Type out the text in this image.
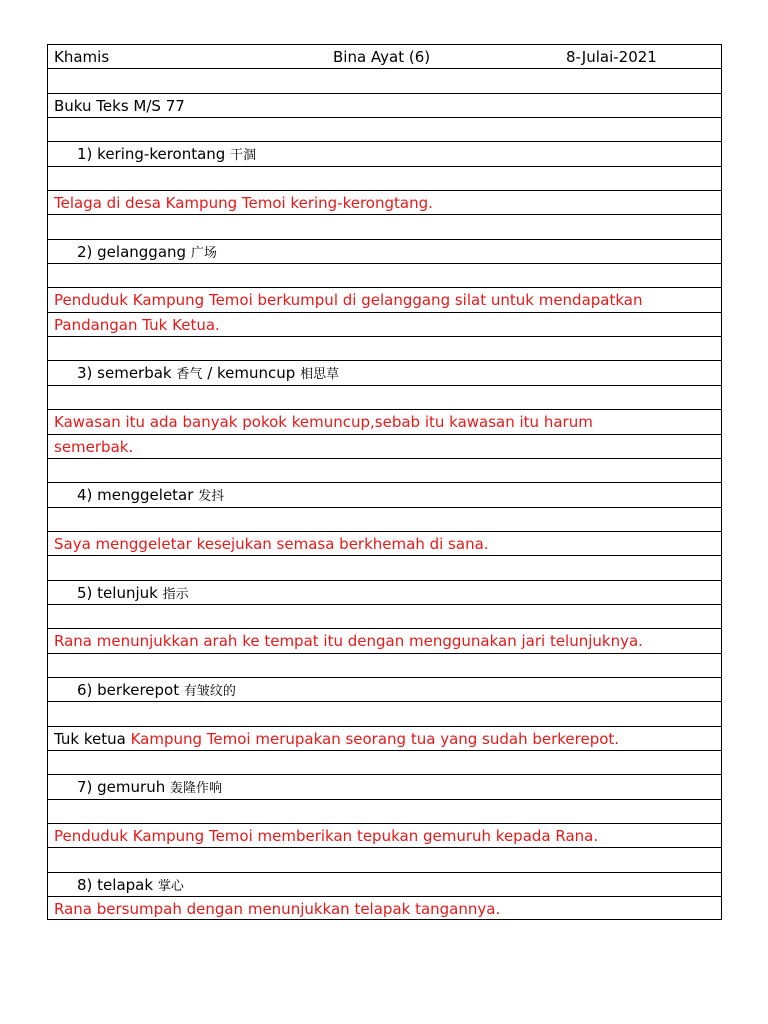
Khamis	Bina Ayat (6)	8-Julai-2021
Buku Teks M/S 77
1) kering-kerontang 干涸
Telaga di desa Kampung Temoi kering-kerongtang.
2) gelanggang 广场
Penduduk Kampung Temoi berkumpul di gelanggang silat untuk mendapatkan
Pandangan Tuk Ketua.
3) semerbak 香气 / kemuncup 相思草
Kawasan itu ada banyak pokok kemuncup,sebab itu kawasan itu harum
semerbak.
4) menggeletar 发抖
Saya menggeletar kesejukan semasa berkhemah di sana.
5) telunjuk 指示
Rana menunjukkan arah ke tempat itu dengan menggunakan jari telunjuknya.
6) berkerepot 有皱纹的
Tuk ketua Kampung Temoi merupakan seorang tua yang sudah berkerepot.
7) gemuruh 轰隆作响
Penduduk Kampung Temoi memberikan tepukan gemuruh kepada Rana.
8) telapak 掌心
Rana bersumpah dengan menunjukkan telapak tangannya.
